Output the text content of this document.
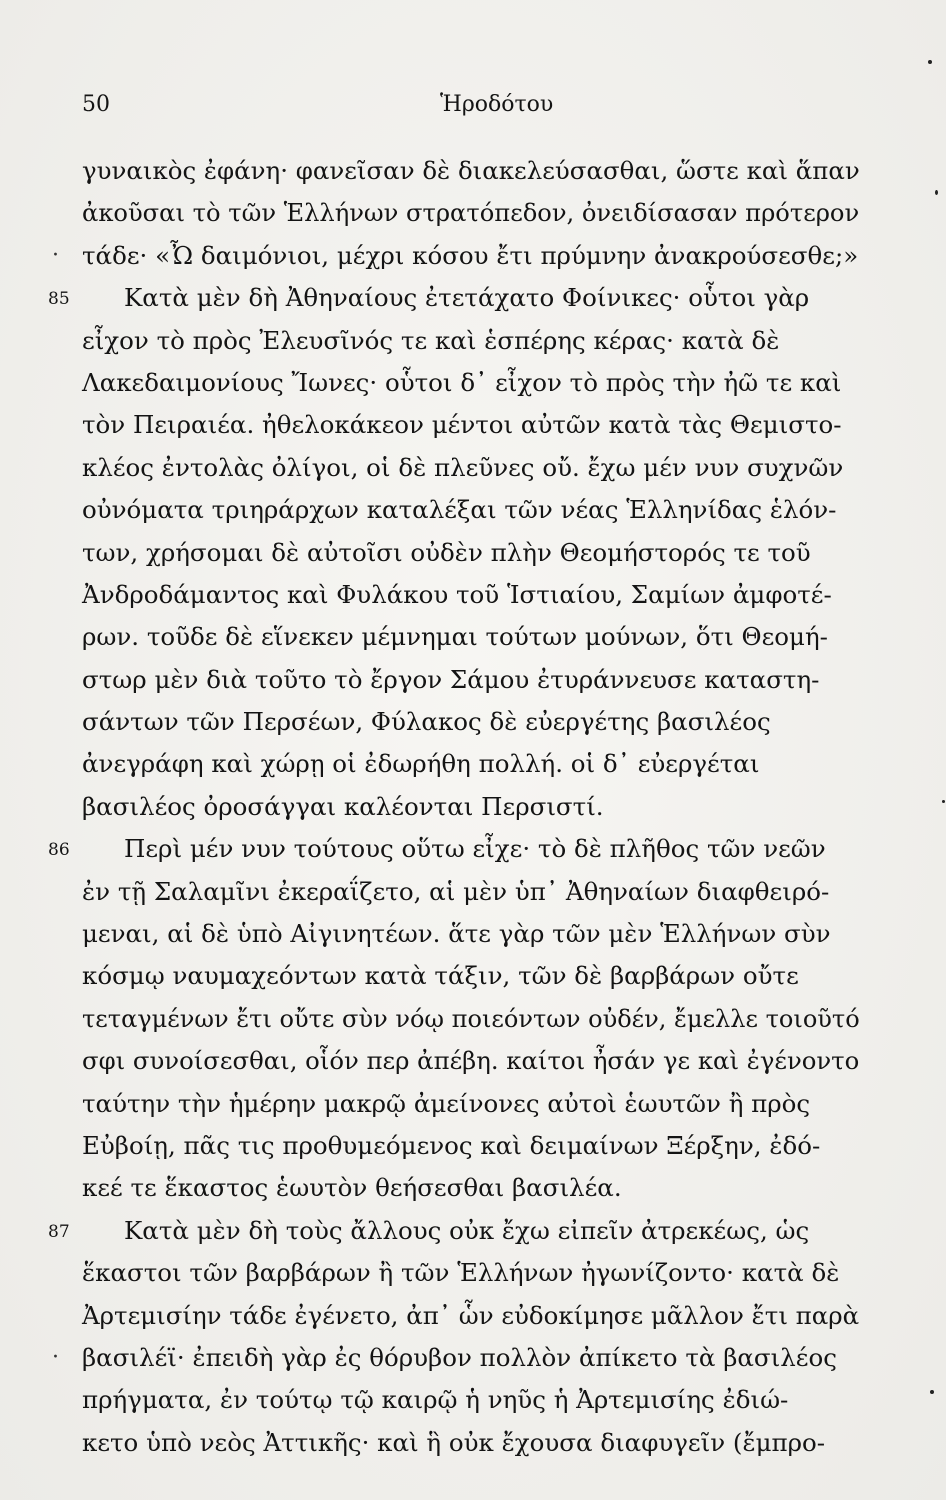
50	Ἡροδότου
γυναικὸς ἐφάνη· φανεῖσαν δὲ διακελεύσασθαι, ὥστε καὶ ἅπαν
ἀκοῦσαι τὸ τῶν Ἑλλήνων στρατόπεδον, ὀνειδίσασαν πρότερον
· τάδε· «Ὦ δαιμόνιοι, μέχρι κόσου ἔτι πρύμνην ἀνακρούσεσθε;»
85 Κατὰ μὲν δὴ Ἀθηναίους ἐτετάχατο Φοίνικες· οὗτοι γὰρ
εἶχον τὸ πρὸς Ἐλευσῖνός τε καὶ ἑσπέρης κέρας· κατὰ δὲ
Λακεδαιμονίους Ἴωνες· οὗτοι δ᾽ εἶχον τὸ πρὸς τὴν ἠῶ τε καὶ
τὸν Πειραιέα. ἠθελοκάκεον μέντοι αὐτῶν κατὰ τὰς Θεμιστο-
κλέος ἐντολὰς ὀλίγοι, οἱ δὲ πλεῦνες οὔ. ἔχω μέν νυν συχνῶν
οὐνόματα τριηράρχων καταλέξαι τῶν νέας Ἑλληνίδας ἑλόν-
των, χρήσομαι δὲ αὐτοῖσι οὐδὲν πλὴν Θεομήστορός τε τοῦ
Ἀνδροδάμαντος καὶ Φυλάκου τοῦ Ἱστιαίου, Σαμίων ἀμφοτέ-
ρων. τοῦδε δὲ εἵνεκεν μέμνημαι τούτων μούνων, ὅτι Θεομή-
στωρ μὲν διὰ τοῦτο τὸ ἔργον Σάμου ἐτυράννευσε καταστη-
σάντων τῶν Περσέων, Φύλακος δὲ εὐεργέτης βασιλέος
ἀνεγράφη καὶ χώρῃ οἱ ἐδωρήθη πολλή. οἱ δ᾽ εὐεργέται
βασιλέος ὀροσάγγαι καλέονται Περσιστί.
86 Περὶ μέν νυν τούτους οὕτω εἶχε· τὸ δὲ πλῆθος τῶν νεῶν
ἐν τῇ Σαλαμῖνι ἐκεραΐζετο, αἱ μὲν ὑπ᾽ Ἀθηναίων διαφθειρό-
μεναι, αἱ δὲ ὑπὸ Αἰγινητέων. ἅτε γὰρ τῶν μὲν Ἑλλήνων σὺν
κόσμῳ ναυμαχεόντων κατὰ τάξιν, τῶν δὲ βαρβάρων οὔτε
τεταγμένων ἔτι οὔτε σὺν νόῳ ποιεόντων οὐδέν, ἔμελλε τοιοῦτό
σφι συνοίσεσθαι, οἷόν περ ἀπέβη. καίτοι ἦσάν γε καὶ ἐγένοντο
ταύτην τὴν ἡμέρην μακρῷ ἀμείνονες αὐτοὶ ἑωυτῶν ἢ πρὸς
Εὐβοίῃ, πᾶς τις προθυμεόμενος καὶ δειμαίνων Ξέρξην, ἐδό-
κεέ τε ἕκαστος ἑωυτὸν θεήσεσθαι βασιλέα.
87 Κατὰ μὲν δὴ τοὺς ἄλλους οὐκ ἔχω εἰπεῖν ἀτρεκέως, ὡς
ἕκαστοι τῶν βαρβάρων ἢ τῶν Ἑλλήνων ἠγωνίζοντο· κατὰ δὲ
Ἀρτεμισίην τάδε ἐγένετο, ἀπ᾽ ὧν εὐδοκίμησε μᾶλλον ἔτι παρὰ
· βασιλέϊ· ἐπειδὴ γὰρ ἐς θόρυβον πολλὸν ἀπίκετο τὰ βασιλέος
πρήγματα, ἐν τούτῳ τῷ καιρῷ ἡ νηῦς ἡ Ἀρτεμισίης ἐδιώ-
κετο ὑπὸ νεὸς Ἀττικῆς· καὶ ἣ οὐκ ἔχουσα διαφυγεῖν (ἔμπρο-
